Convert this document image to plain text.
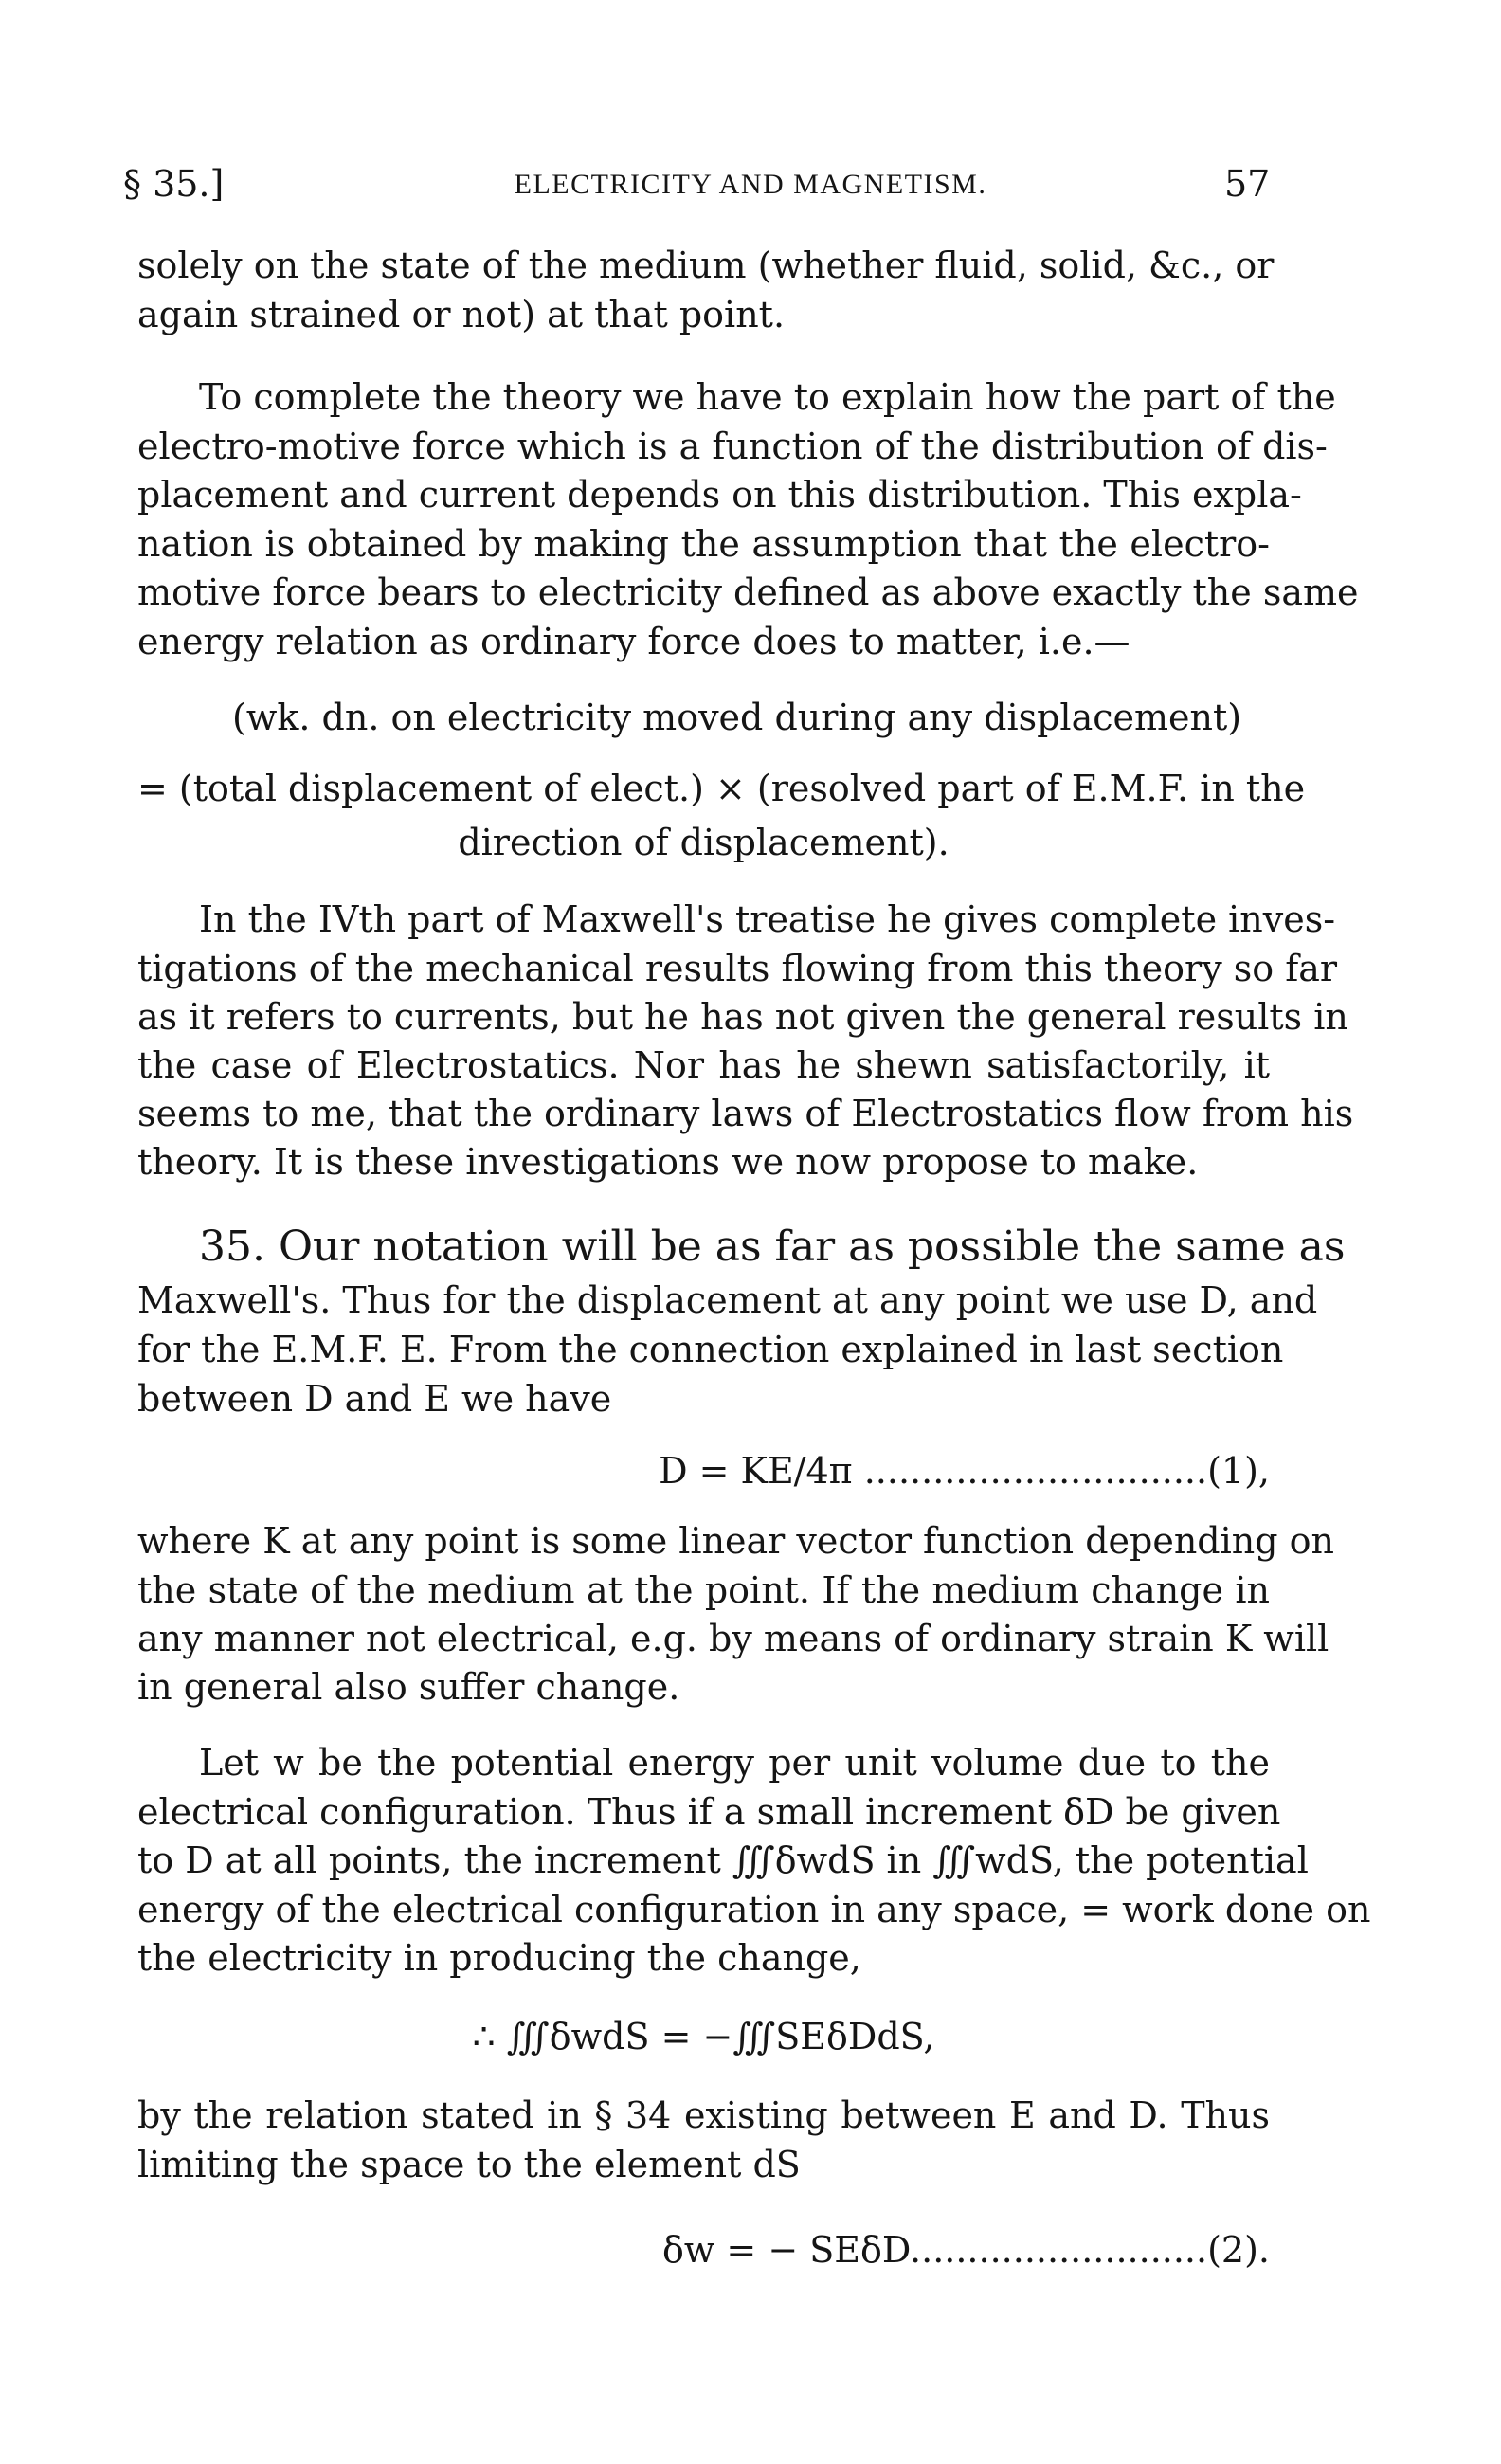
§ 35.]	ELECTRICITY AND MAGNETISM.	57
solely on the state of the medium (whether fluid, solid, &c., or
again strained or not) at that point.
To complete the theory we have to explain how the part of the
electro-motive force which is a function of the distribution of dis-
placement and current depends on this distribution. This expla-
nation is obtained by making the assumption that the electro-
motive force bears to electricity defined as above exactly the same
energy relation as ordinary force does to matter, i.e.—
(wk. dn. on electricity moved during any displacement)
= (total displacement of elect.) × (resolved part of E.M.F. in the
direction of displacement).
In the IVth part of Maxwell's treatise he gives complete inves-
tigations of the mechanical results flowing from this theory so far
as it refers to currents, but he has not given the general results in
the case of Electrostatics. Nor has he shewn satisfactorily, it
seems to me, that the ordinary laws of Electrostatics flow from his
theory. It is these investigations we now propose to make.
35. Our notation will be as far as possible the same as
Maxwell's. Thus for the displacement at any point we use D, and
for the E.M.F. E. From the connection explained in last section
between D and E we have
D = KE/4π ..............................(1),
where K at any point is some linear vector function depending on
the state of the medium at the point. If the medium change in
any manner not electrical, e.g. by means of ordinary strain K will
in general also suffer change.
Let w be the potential energy per unit volume due to the
electrical configuration. Thus if a small increment δD be given
to D at all points, the increment ∭δwdS in ∭wdS, the potential
energy of the electrical configuration in any space, = work done on
the electricity in producing the change,
∴ ∭δwdS = −∭SEδDdS,
by the relation stated in § 34 existing between E and D. Thus
limiting the space to the element dS
δw = − SEδD..........................(2).
